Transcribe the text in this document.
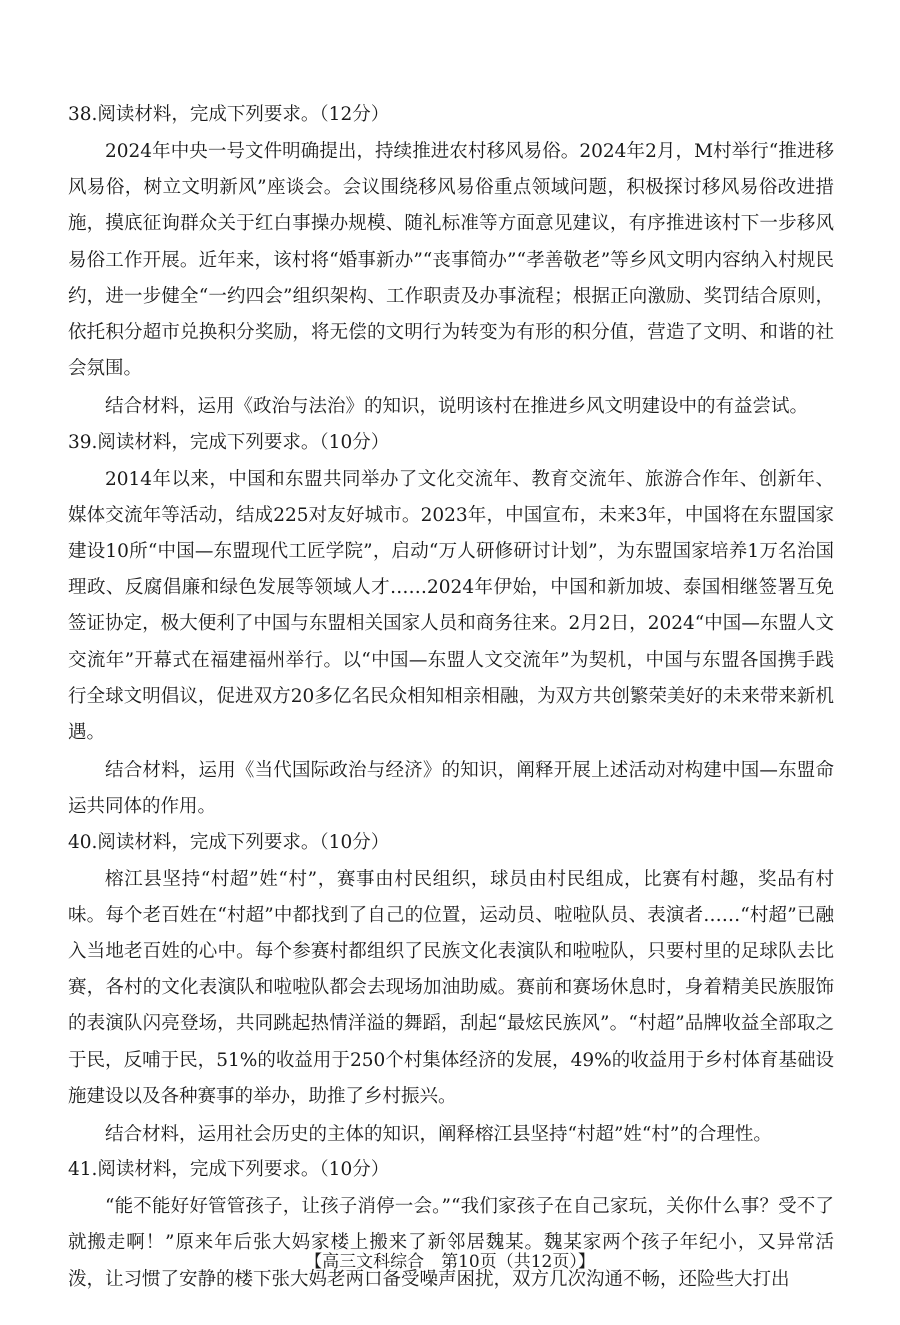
38.阅读材料，完成下列要求。（12分）

2024年中央一号文件明确提出，持续推进农村移风易俗。2024年2月，M村举行“推进移风易俗，树立文明新风”座谈会。会议围绕移风易俗重点领域问题，积极探讨移风易俗改进措施，摸底征询群众关于红白事操办规模、随礼标准等方面意见建议，有序推进该村下一步移风易俗工作开展。近年来，该村将“婚事新办”“丧事简办”“孝善敬老”等乡风文明内容纳入村规民约，进一步健全“一约四会”组织架构、工作职责及办事流程；根据正向激励、奖罚结合原则，依托积分超市兑换积分奖励，将无偿的文明行为转变为有形的积分值，营造了文明、和谐的社会氛围。

结合材料，运用《政治与法治》的知识，说明该村在推进乡风文明建设中的有益尝试。

39.阅读材料，完成下列要求。（10分）

2014年以来，中国和东盟共同举办了文化交流年、教育交流年、旅游合作年、创新年、媒体交流年等活动，结成225对友好城市。2023年，中国宣布，未来3年，中国将在东盟国家建设10所“中国—东盟现代工匠学院”，启动“万人研修研讨计划”，为东盟国家培养1万名治国理政、反腐倡廉和绿色发展等领域人才……2024年伊始，中国和新加坡、泰国相继签署互免签证协定，极大便利了中国与东盟相关国家人员和商务往来。2月2日，2024“中国—东盟人文交流年”开幕式在福建福州举行。以“中国—东盟人文交流年”为契机，中国与东盟各国携手践行全球文明倡议，促进双方20多亿名民众相知相亲相融，为双方共创繁荣美好的未来带来新机遇。

结合材料，运用《当代国际政治与经济》的知识，阐释开展上述活动对构建中国—东盟命运共同体的作用。

40.阅读材料，完成下列要求。（10分）

榕江县坚持“村超”姓“村”，赛事由村民组织，球员由村民组成，比赛有村趣，奖品有村味。每个老百姓在“村超”中都找到了自己的位置，运动员、啦啦队员、表演者……“村超”已融入当地老百姓的心中。每个参赛村都组织了民族文化表演队和啦啦队，只要村里的足球队去比赛，各村的文化表演队和啦啦队都会去现场加油助威。赛前和赛场休息时，身着精美民族服饰的表演队闪亮登场，共同跳起热情洋溢的舞蹈，刮起“最炫民族风”。“村超”品牌收益全部取之于民，反哺于民，51%的收益用于250个村集体经济的发展，49%的收益用于乡村体育基础设施建设以及各种赛事的举办，助推了乡村振兴。

结合材料，运用社会历史的主体的知识，阐释榕江县坚持“村超”姓“村”的合理性。

41.阅读材料，完成下列要求。（10分）

“能不能好好管管孩子，让孩子消停一会。”“我们家孩子在自己家玩，关你什么事？受不了就搬走啊！”原来年后张大妈家楼上搬来了新邻居魏某。魏某家两个孩子年纪小，又异常活泼，让习惯了安静的楼下张大妈老两口备受噪声困扰，双方几次沟通不畅，还险些大打出

【高三文科综合　第10页（共12页）】
